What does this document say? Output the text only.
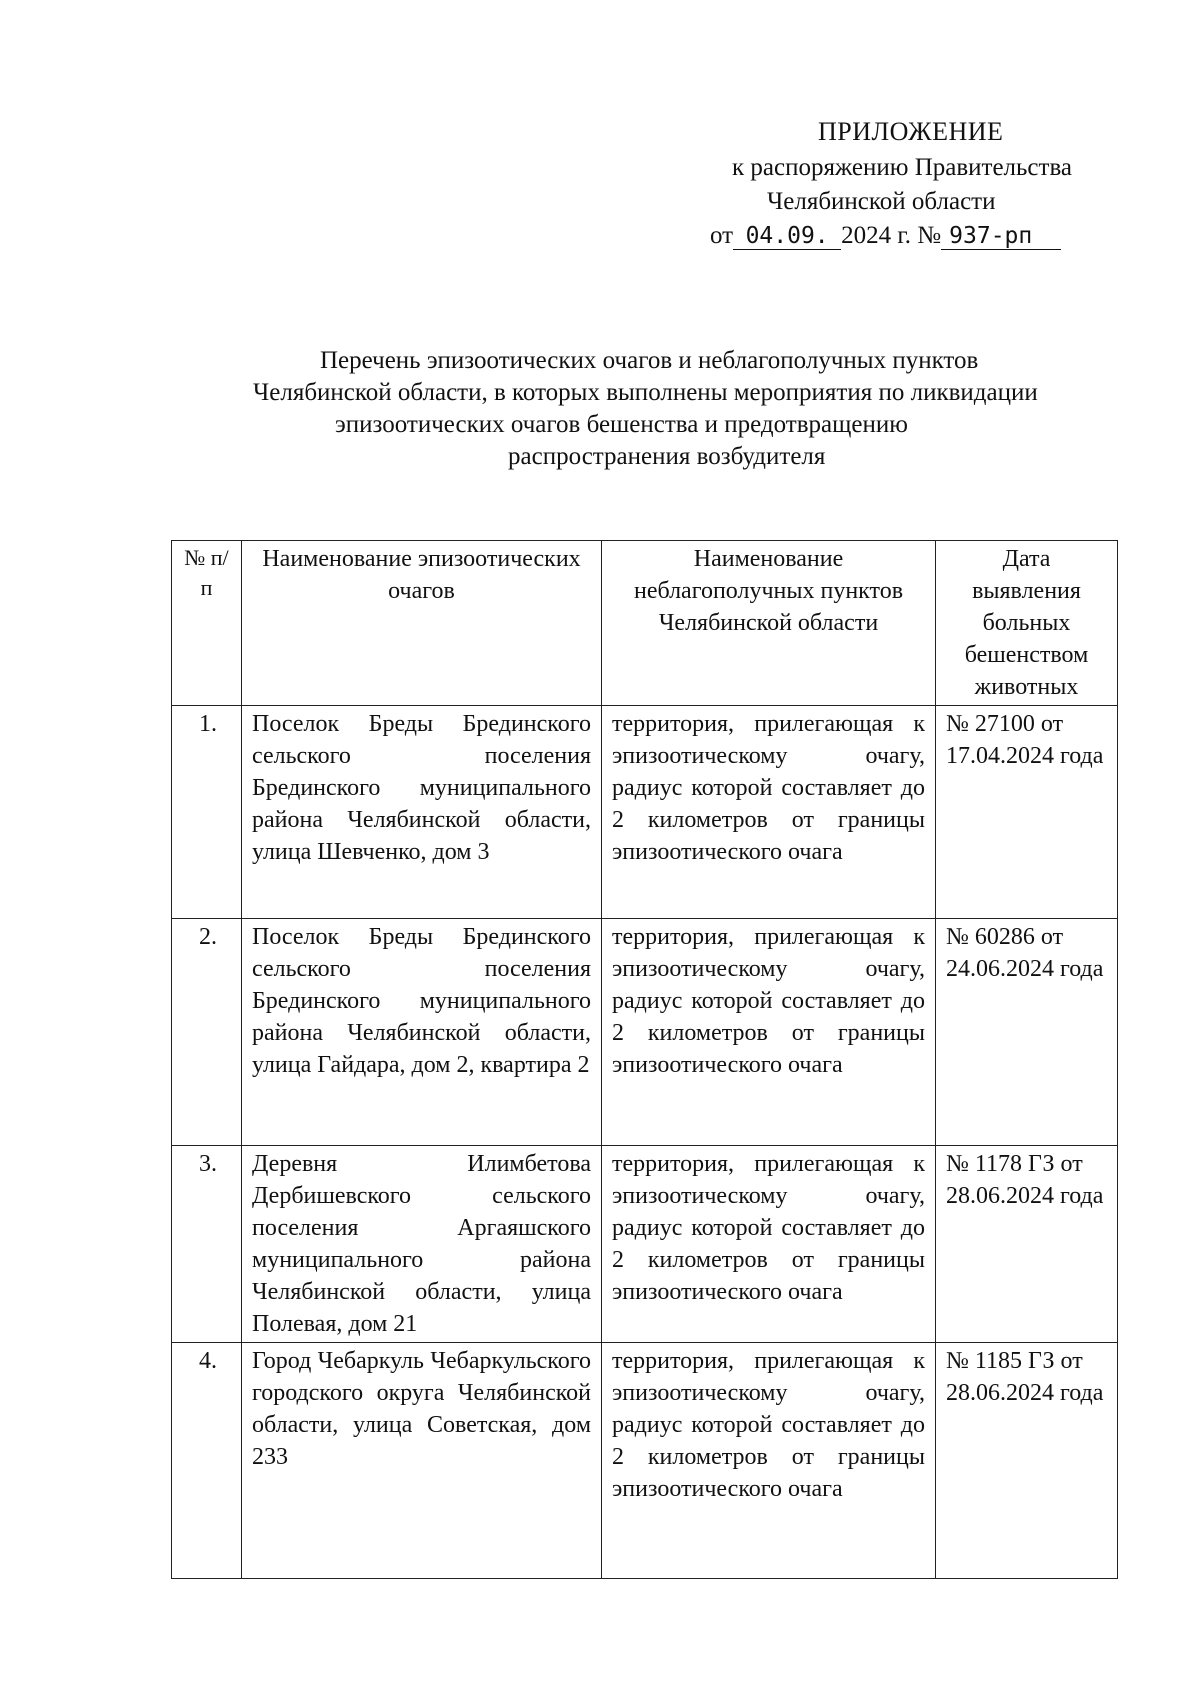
ПРИЛОЖЕНИЕ
к распоряжению Правительства
Челябинской области
от 04.09. 2024 г. № 937-рп
Перечень эпизоотических очагов и неблагополучных пунктов
Челябинской области, в которых выполнены мероприятия по ликвидации
эпизоотических очагов бешенства и предотвращению
распространения возбудителя
№ п/п	Наименование эпизоотических очагов	Наименование неблагополучных пунктов Челябинской области	Дата выявления больных бешенством животных
1.	Поселок Бреды Брединского сельского поселения Брединского муниципального района Челябинской области, улица Шевченко, дом 3	территория, прилегающая к эпизоотическому очагу, радиус которой составляет до 2 километров от границы эпизоотического очага	№ 27100 от 17.04.2024 года
2.	Поселок Бреды Брединского сельского поселения Брединского муниципального района Челябинской области, улица Гайдара, дом 2, квартира 2	территория, прилегающая к эпизоотическому очагу, радиус которой составляет до 2 километров от границы эпизоотического очага	№ 60286 от 24.06.2024 года
3.	Деревня Илимбетова Дербишевского сельского поселения Аргаяшского муниципального района Челябинской области, улица Полевая, дом 21	территория, прилегающая к эпизоотическому очагу, радиус которой составляет до 2 километров от границы эпизоотического очага	№ 1178 ГЗ от 28.06.2024 года
4.	Город Чебаркуль Чебаркульского городского округа Челябинской области, улица Советская, дом 233	территория, прилегающая к эпизоотическому очагу, радиус которой составляет до 2 километров от границы эпизоотического очага	№ 1185 ГЗ от 28.06.2024 года
